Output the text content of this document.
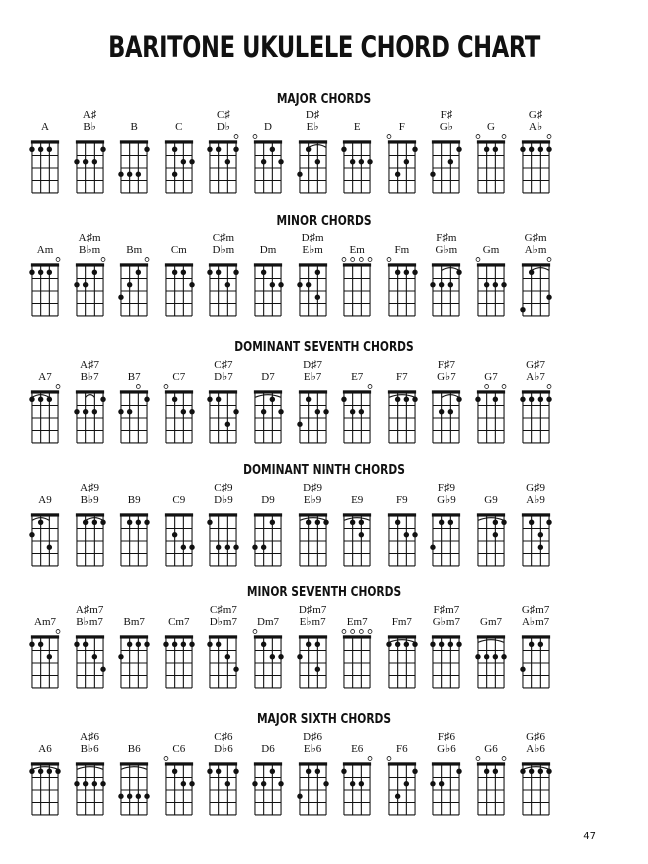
BARITONE UKULELE CHORD CHART
MAJOR CHORDS
A
A♯
B♭	B	C
C♯
D♭	D
D♯
E♭	E	F
F♯
G♭	G
G♯
A♭
MINOR CHORDS
Am
A♯m
B♭m	Bm	Cm
C♯m
D♭m	Dm
D♯m
E♭m	Em	Fm
F♯m
G♭m	Gm
G♯m
A♭m
DOMINANT SEVENTH CHORDS
A7
A♯7
B♭7	B7	C7
C♯7
D♭7	D7
D♯7
E♭7	E7	F7
F♯7
G♭7	G7
G♯7
A♭7
DOMINANT NINTH CHORDS
A9
A♯9
B♭9	B9	C9
C♯9
D♭9	D9
D♯9
E♭9	E9	F9
F♯9
G♭9	G9
G♯9
A♭9
MINOR SEVENTH CHORDS
Am7
A♯m7
B♭m7	Bm7	Cm7
C♯m7
D♭m7	Dm7
D♯m7
E♭m7	Em7	Fm7
F♯m7
G♭m7	Gm7
G♯m7
A♭m7
MAJOR SIXTH CHORDS
A6
A♯6
B♭6	B6	C6
C♯6
D♭6	D6
D♯6
E♭6	E6	F6
F♯6
G♭6	G6
G♯6
A♭6
47
